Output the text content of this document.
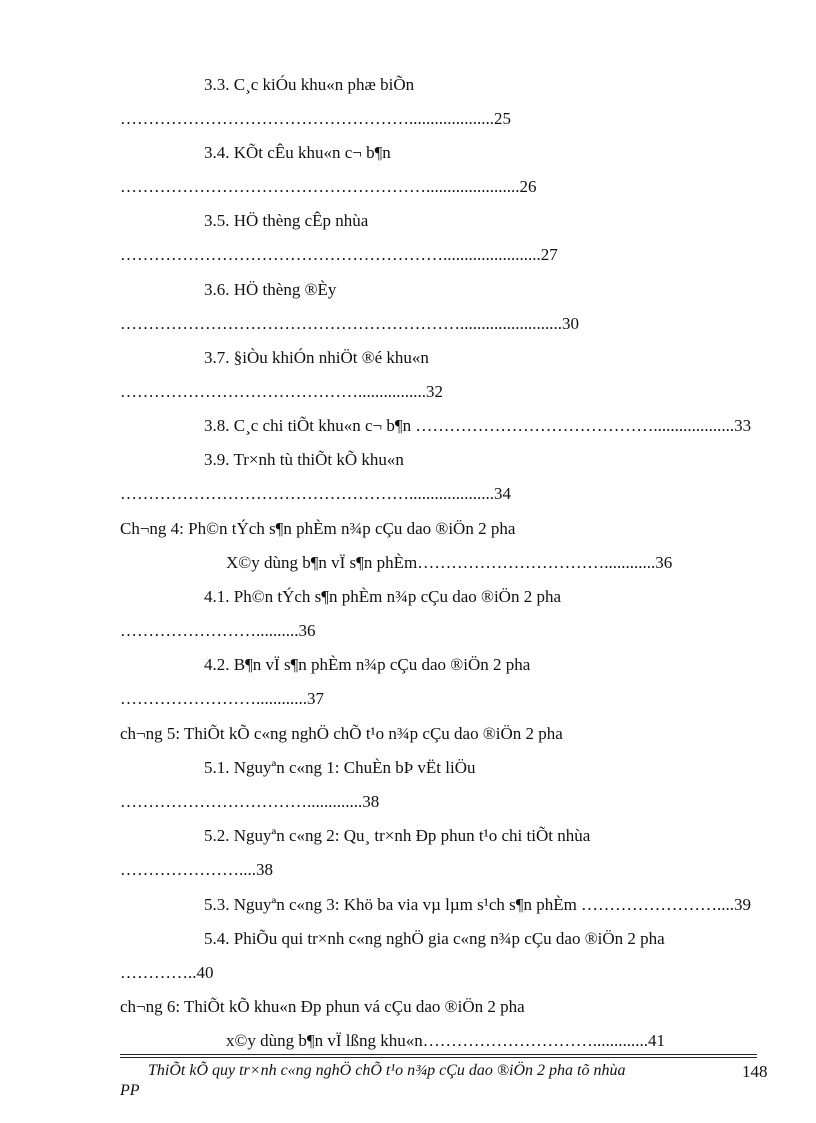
3.3. C¸c kiÓu khu«n phæ biÕn
……………………………………………....................25
3.4. KÕt cÊu khu«n c¬ b¶n
………………………………………………......................26
3.5. HÖ thèng cÊp nhùa
………………………………………………….......................27
3.6. HÖ thèng ®Èy
……………………………………………………........................30
3.7. §iÒu khiÓn nhiÖt ®é khu«n
……………………………………................32
3.8. C¸c chi tiÕt khu«n c¬ b¶n ……………………………………...................33
3.9. Tr×nh tù thiÕt kÕ khu«n
……………………………………………....................34
Ch¬ng 4: Ph©n tÝch s¶n phÈm n¾p cÇu dao ®iÖn 2 pha
X©y dùng b¶n vÏ s¶n phÈm……………………………............36
4.1. Ph©n tÝch s¶n phÈm n¾p cÇu dao ®iÖn 2 pha
……………………..........36
4.2. B¶n vÏ s¶n phÈm n¾p cÇu dao ®iÖn 2 pha
……………………............37
ch¬ng 5: ThiÕt kÕ c«ng nghÖ chÕ t¹o n¾p cÇu dao ®iÖn 2 pha
5.1. Nguyªn c«ng 1: ChuÈn bÞ vËt liÖu
…………………………….............38
5.2. Nguyªn c«ng 2: Qu¸ tr×nh Ðp phun t¹o chi tiÕt nhùa
…………………....38
5.3. Nguyªn c«ng 3: Khö ba via vµ lµm s¹ch s¶n phÈm ……………………....39
5.4. PhiÕu qui tr×nh c«ng nghÖ gia c«ng n¾p cÇu dao ®iÖn 2 pha
…………..40
ch¬ng 6: ThiÕt kÕ khu«n Ðp phun vá cÇu dao ®iÖn 2 pha
x©y dùng b¶n vÏ lßng khu«n………………………….............41
ThiÕt kÕ quy tr×nh c«ng nghÖ chÕ t¹o n¾p cÇu dao ®iÖn 2 pha tõ nhùa
PP
148
